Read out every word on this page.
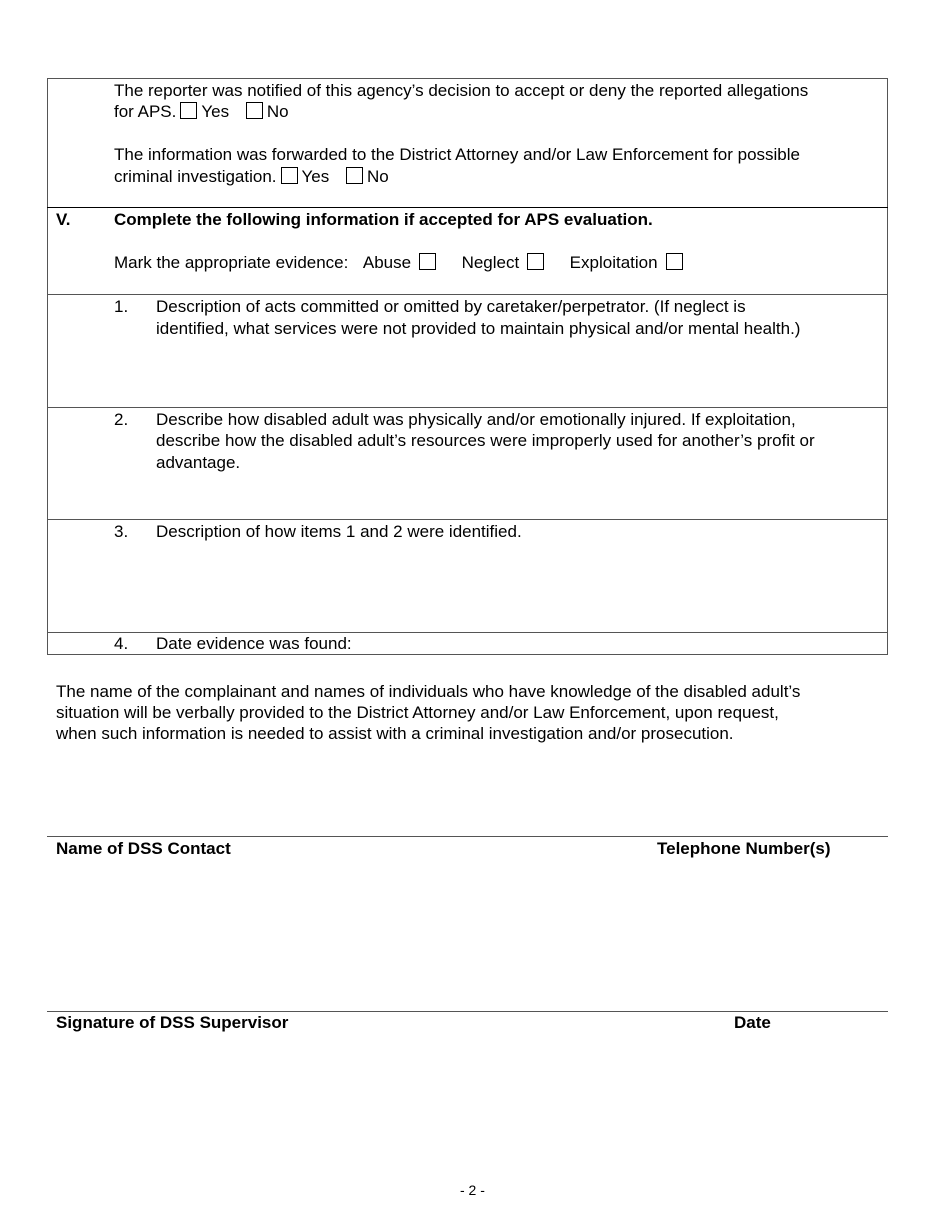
The reporter was notified of this agency’s decision to accept or deny the reported allegations
for APS. Yes No
The information was forwarded to the District Attorney and/or Law Enforcement for possible
criminal investigation. Yes No
V.	Complete the following information if accepted for APS evaluation.
Mark the appropriate evidence: Abuse	Neglect	Exploitation
1. Description of acts committed or omitted by caretaker/perpetrator. (If neglect is
identified, what services were not provided to maintain physical and/or mental health.)
2. Describe how disabled adult was physically and/or emotionally injured. If exploitation,
describe how the disabled adult’s resources were improperly used for another’s profit or
advantage.
3. Description of how items 1 and 2 were identified.
4. Date evidence was found:
The name of the complainant and names of individuals who have knowledge of the disabled adult’s
situation will be verbally provided to the District Attorney and/or Law Enforcement, upon request,
when such information is needed to assist with a criminal investigation and/or prosecution.
Name of DSS Contact	Telephone Number(s)
Signature of DSS Supervisor	Date
- 2 -
